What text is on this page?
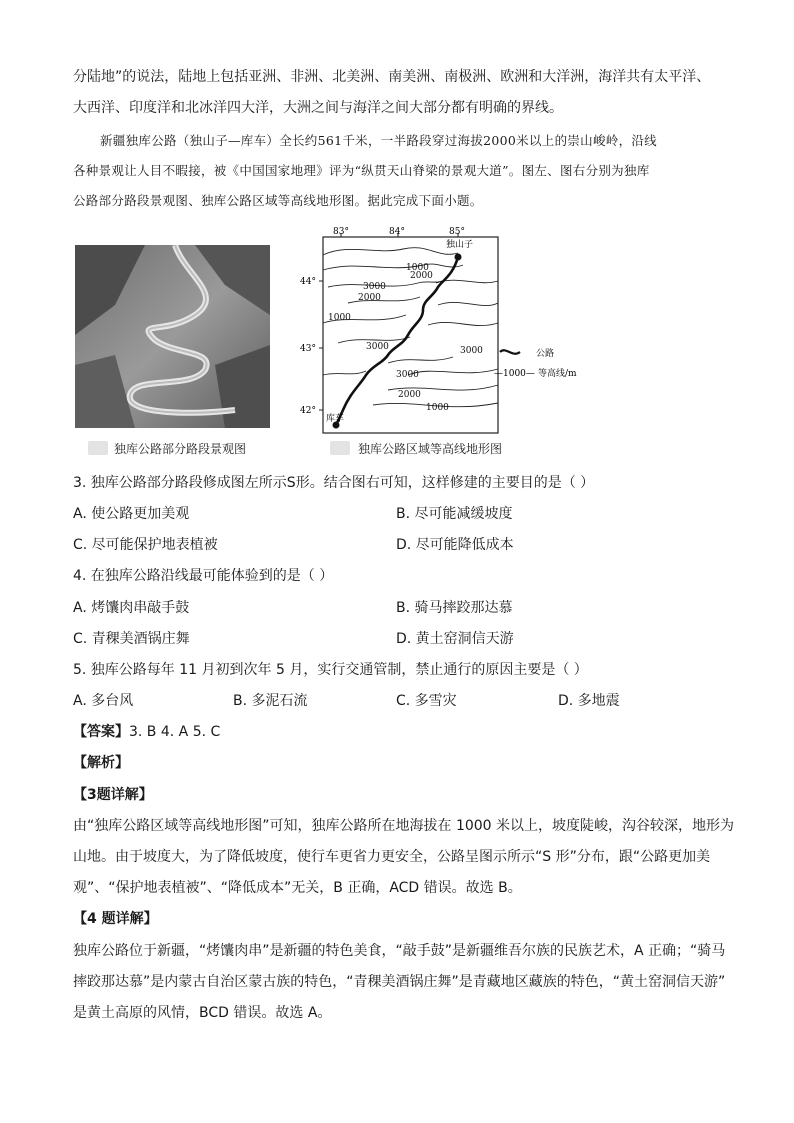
分陆地”的说法，陆地上包括亚洲、非洲、北美洲、南美洲、南极洲、欧洲和大洋洲，海洋共有太平洋、
大西洋、印度洋和北冰洋四大洋，大洲之间与海洋之间大部分都有明确的界线。
新疆独库公路（独山子—库车）全长约561千米，一半路段穿过海拔2000米以上的崇山峻岭，沿线
各种景观让人目不暇接，被《中国国家地理》评为“纵贯天山脊梁的景观大道”。图左、图右分别为独库
公路部分路段景观图、独库公路区域等高线地形图。据此完成下面小题。
独库公路部分路段景观图
83°	84°	85°
44°
43°
42°
独山子
库车
1000
2000
3000
2000
1000
3000	3000
3000
2000
1000
公路
—1000— 等高线/m
独库公路区域等高线地形图
3. 独库公路部分路段修成图左所示S形。结合图右可知，这样修建的主要目的是（ ）
A. 使公路更加美观	B. 尽可能减缓坡度
C. 尽可能保护地表植被	D. 尽可能降低成本
4. 在独库公路沿线最可能体验到的是（ ）
A. 烤馕肉串敲手鼓	B. 骑马摔跤那达慕
C. 青稞美酒锅庄舞	D. 黄土窑洞信天游
5. 独库公路每年 11 月初到次年 5 月，实行交通管制，禁止通行的原因主要是（ ）
A. 多台风	B. 多泥石流	C. 多雪灾	D. 多地震
【答案】3. B 4. A 5. C
【解析】
【3题详解】
由“独库公路区域等高线地形图”可知，独库公路所在地海拔在 1000 米以上，坡度陡峻，沟谷较深，地形为
山地。由于坡度大，为了降低坡度，使行车更省力更安全，公路呈图示所示“S 形”分布，跟“公路更加美
观”、“保护地表植被”、“降低成本”无关，B 正确，ACD 错误。故选 B。
【4 题详解】
独库公路位于新疆，“烤馕肉串”是新疆的特色美食，“敲手鼓”是新疆维吾尔族的民族艺术，A 正确；“骑马
摔跤那达慕”是内蒙古自治区蒙古族的特色，“青稞美酒锅庄舞”是青藏地区藏族的特色，“黄土窑洞信天游”
是黄土高原的风情，BCD 错误。故选 A。
